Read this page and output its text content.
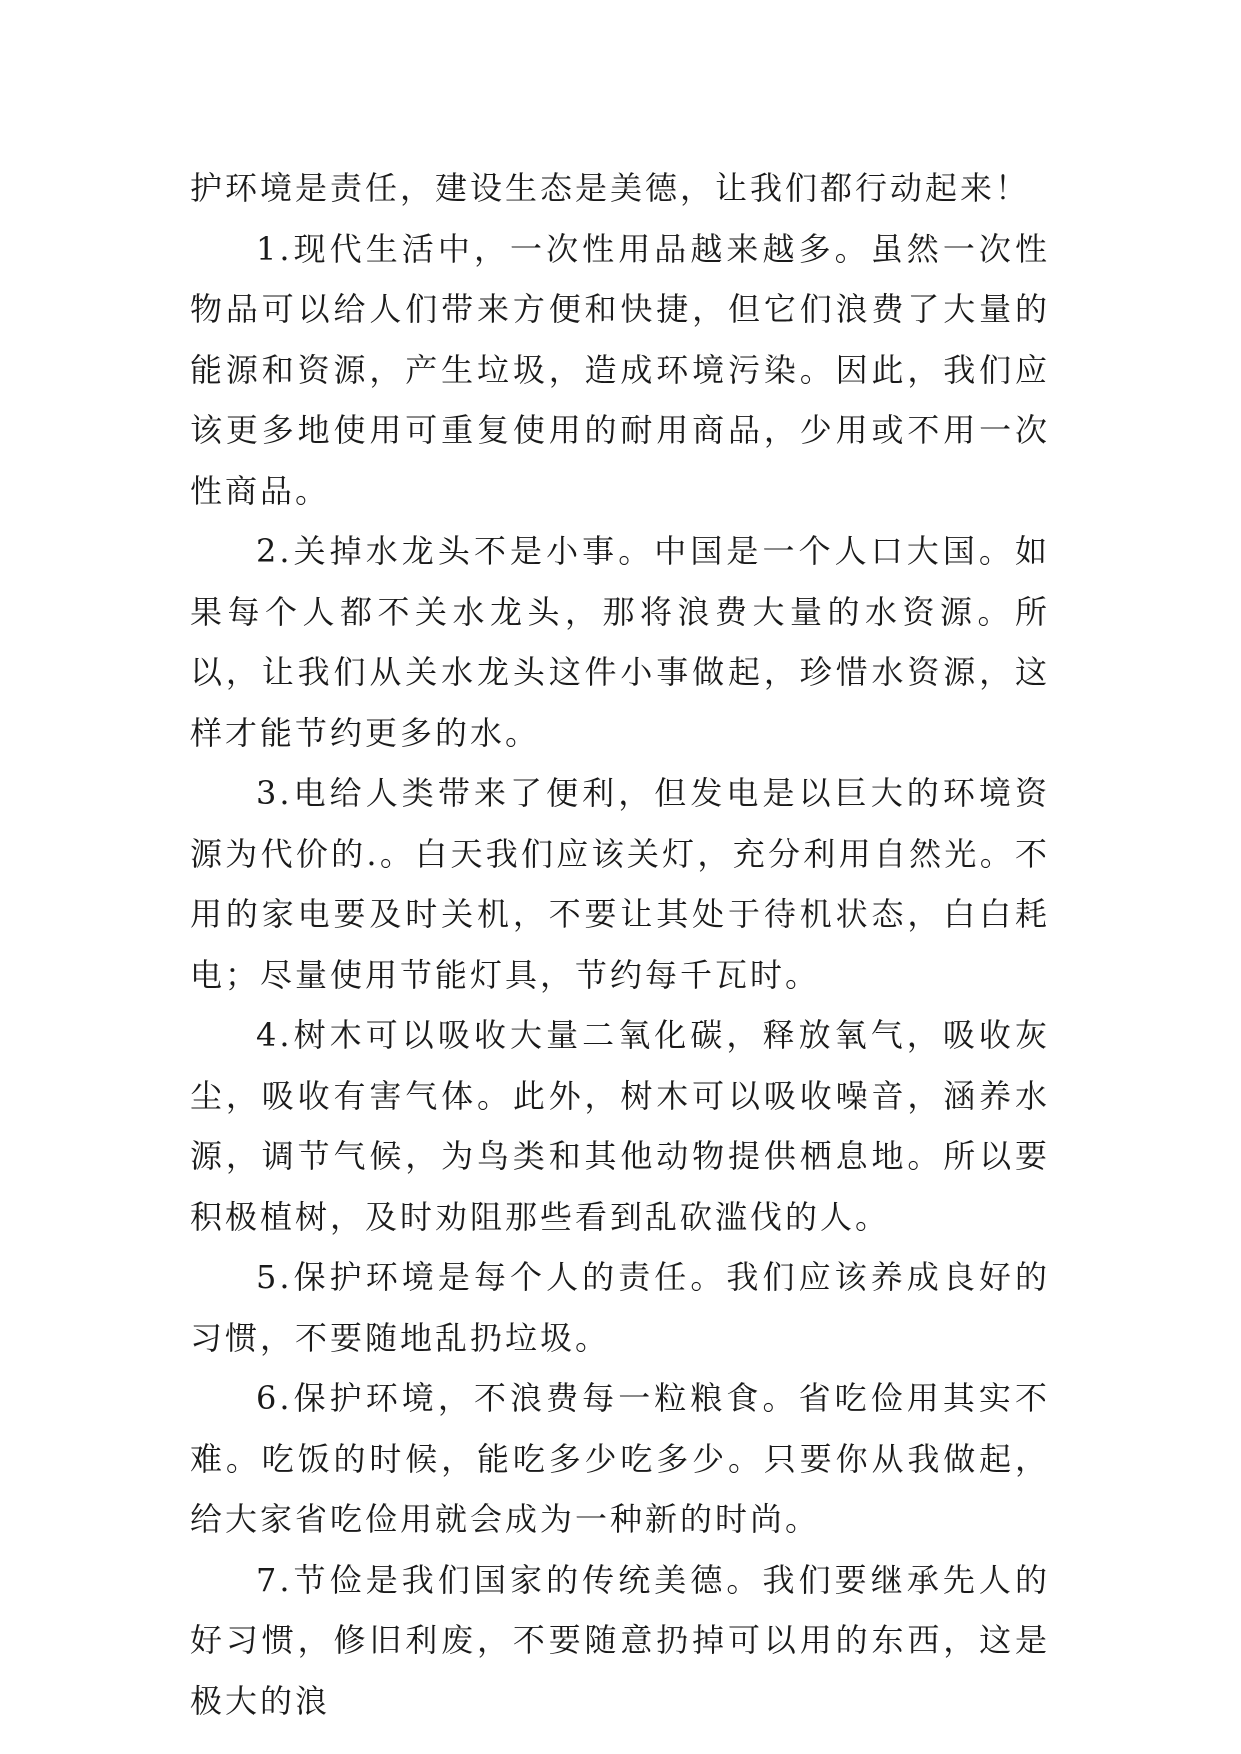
护环境是责任，建设生态是美德，让我们都行动起来！

1.现代生活中，一次性用品越来越多。虽然一次性物品可以给人们带来方便和快捷，但它们浪费了大量的能源和资源，产生垃圾，造成环境污染。因此，我们应该更多地使用可重复使用的耐用商品，少用或不用一次性商品。

2.关掉水龙头不是小事。中国是一个人口大国。如果每个人都不关水龙头，那将浪费大量的水资源。所以，让我们从关水龙头这件小事做起，珍惜水资源，这样才能节约更多的水。

3.电给人类带来了便利，但发电是以巨大的环境资源为代价的.。白天我们应该关灯，充分利用自然光。不用的家电要及时关机，不要让其处于待机状态，白白耗电；尽量使用节能灯具，节约每千瓦时。

4.树木可以吸收大量二氧化碳，释放氧气，吸收灰尘，吸收有害气体。此外，树木可以吸收噪音，涵养水源，调节气候，为鸟类和其他动物提供栖息地。所以要积极植树，及时劝阻那些看到乱砍滥伐的人。

5.保护环境是每个人的责任。我们应该养成良好的习惯，不要随地乱扔垃圾。

6.保护环境，不浪费每一粒粮食。省吃俭用其实不难。吃饭的时候，能吃多少吃多少。只要你从我做起，给大家省吃俭用就会成为一种新的时尚。

7.节俭是我们国家的传统美德。我们要继承先人的好习惯，修旧利废，不要随意扔掉可以用的东西，这是极大的浪
